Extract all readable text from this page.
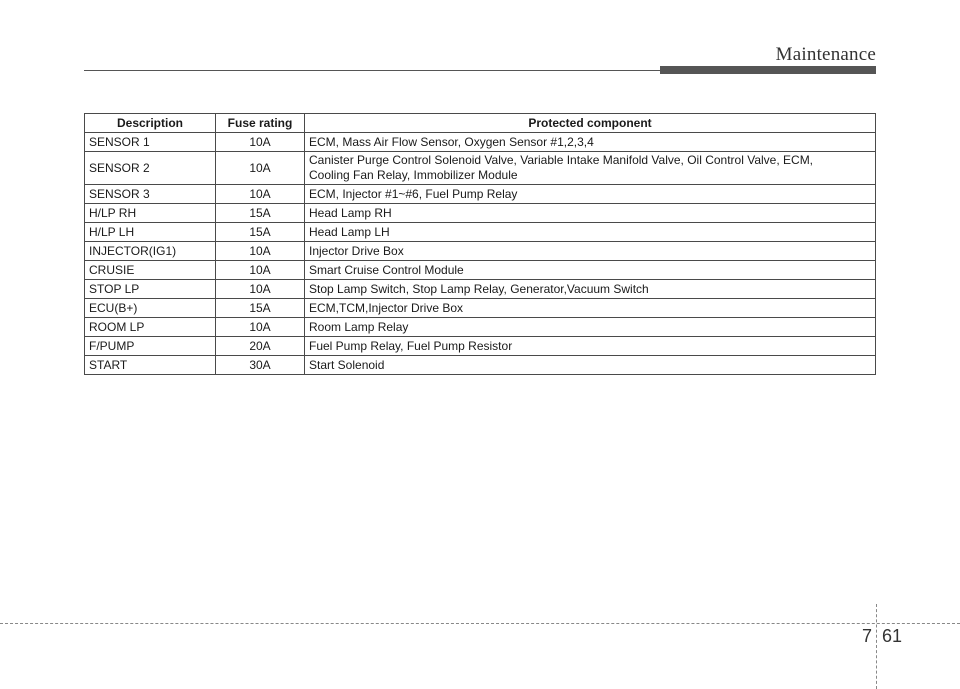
Maintenance
Description	Fuse rating	Protected component
SENSOR 1	10A	ECM, Mass Air Flow Sensor, Oxygen Sensor #1,2,3,4
SENSOR 2	10A	Canister Purge Control Solenoid Valve, Variable Intake Manifold Valve, Oil Control Valve, ECM,
Cooling Fan Relay, Immobilizer Module
SENSOR 3	10A	ECM, Injector #1~#6, Fuel Pump Relay
H/LP RH	15A	Head Lamp RH
H/LP LH	15A	Head Lamp LH
INJECTOR(IG1)	10A	Injector Drive Box
CRUSIE	10A	Smart Cruise Control Module
STOP LP	10A	Stop Lamp Switch, Stop Lamp Relay, Generator,Vacuum Switch
ECU(B+)	15A	ECM,TCM,Injector Drive Box
ROOM LP	10A	Room Lamp Relay
F/PUMP	20A	Fuel Pump Relay, Fuel Pump Resistor
START	30A	Start Solenoid
7 61
